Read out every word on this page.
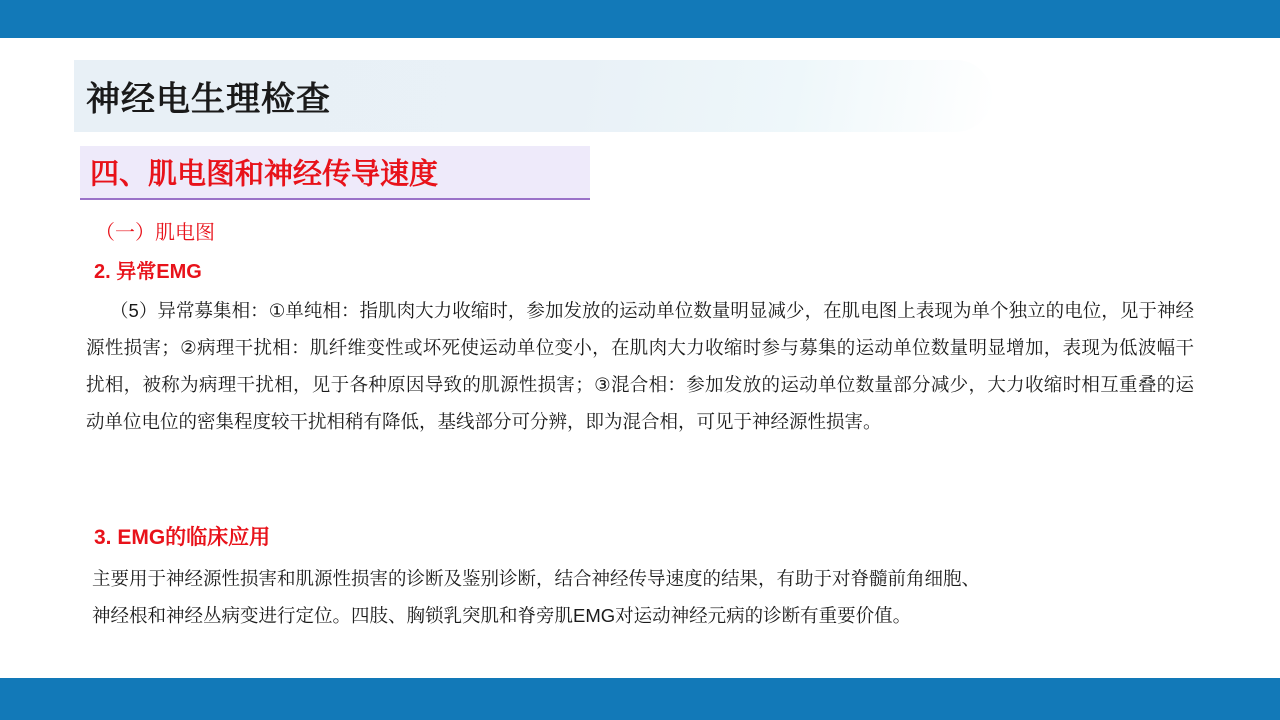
神经电生理检查
四、肌电图和神经传导速度
（一）肌电图
2. 异常EMG
（5）异常募集相：①单纯相：指肌肉大力收缩时，参加发放的运动单位数量明显减少，在肌电图上表现为单个独立的电位，见于神经源性损害；②病理干扰相：肌纤维变性或坏死使运动单位变小，在肌肉大力收缩时参与募集的运动单位数量明显增加，表现为低波幅干扰相，被称为病理干扰相，见于各种原因导致的肌源性损害；③混合相：参加发放的运动单位数量部分减少，大力收缩时相互重叠的运动单位电位的密集程度较干扰相稍有降低，基线部分可分辨，即为混合相，可见于神经源性损害。
3. EMG的临床应用
主要用于神经源性损害和肌源性损害的诊断及鉴别诊断，结合神经传导速度的结果，有助于对脊髓前角细胞、
神经根和神经丛病变进行定位。四肢、胸锁乳突肌和脊旁肌EMG对运动神经元病的诊断有重要价值。
